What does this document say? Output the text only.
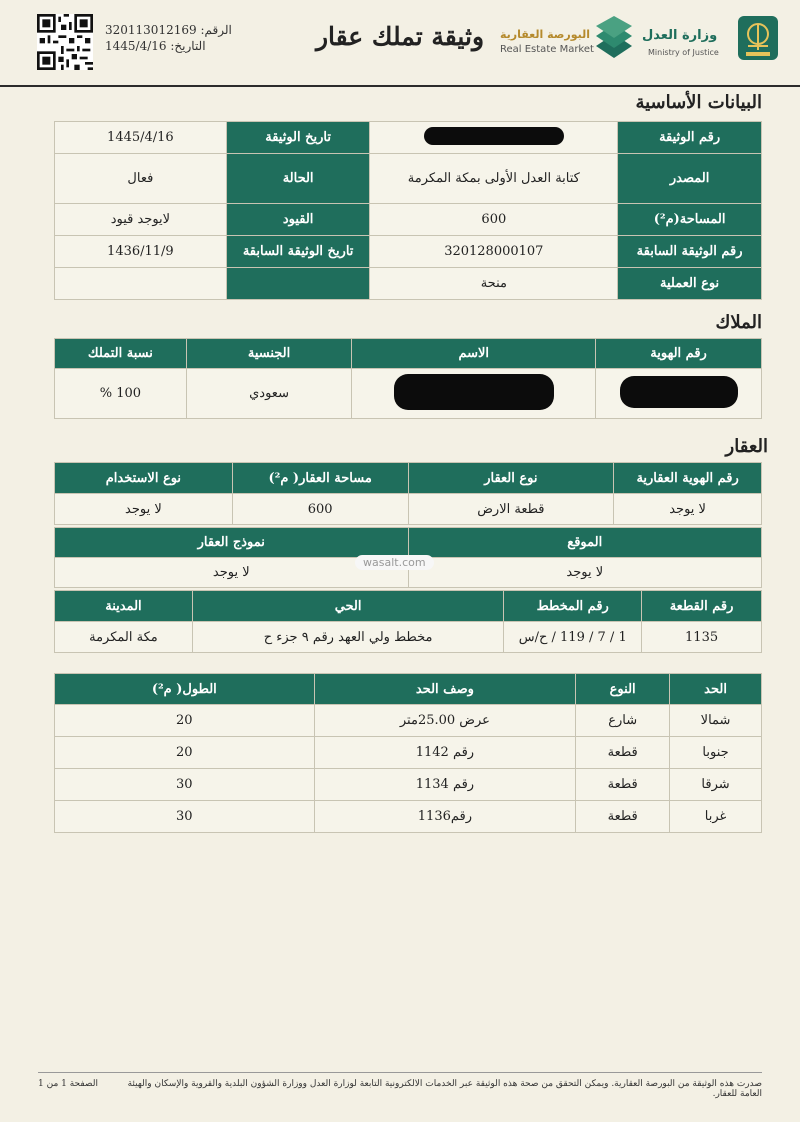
الرقم: 320113012169
التاريخ: 1445/4/16	وثيقة تملك عقار	البورصة العقارية
Real Estate Market
وزارة العدل
Ministry of Justice
البيانات الأساسية
رقم الوثيقة		تاريخ الوثيقة	1445/4/16
المصدر	كتابة العدل الأولى بمكة المكرمة	الحالة	فعال
المساحة(م²)	600	القيود	لايوجد قيود
رقم الوثيقة السابقة	320128000107	تاريخ الوثيقة السابقة	1436/11/9
نوع العملية	منحة		
الملاك
رقم الهوية	الاسم	الجنسية	نسبة التملك
		سعودي	100 %
العقار
رقم الهوية العقارية	نوع العقار	مساحة العقار( م²)	نوع الاستخدام
لا يوجد	قطعة الارض	600	لا يوجد
الموقع	نموذج العقار
لا يوجد	لا يوجد
wasalt.com
رقم القطعة	رقم المخطط	الحي	المدينة
1135	1 / 7 / 119 / ح/س	مخطط ولي العهد رقم ٩ جزء ح	مكة المكرمة
الحد	النوع	وصف الحد	الطول( م²)
شمالا	شارع	عرض 25.00متر	20
جنوبا	قطعة	رقم 1142	20
شرقا	قطعة	رقم 1134	30
غربا	قطعة	رقم1136	30
صدرت هذه الوثيقة من البورصة العقارية. ويمكن التحقق من صحة هذه الوثيقة عبر الخدمات الالكترونية التابعة لوزارة العدل ووزارة الشؤون البلدية والقروية والإسكان والهيئة العامة للعقار.
الصفحة 1 من 1
